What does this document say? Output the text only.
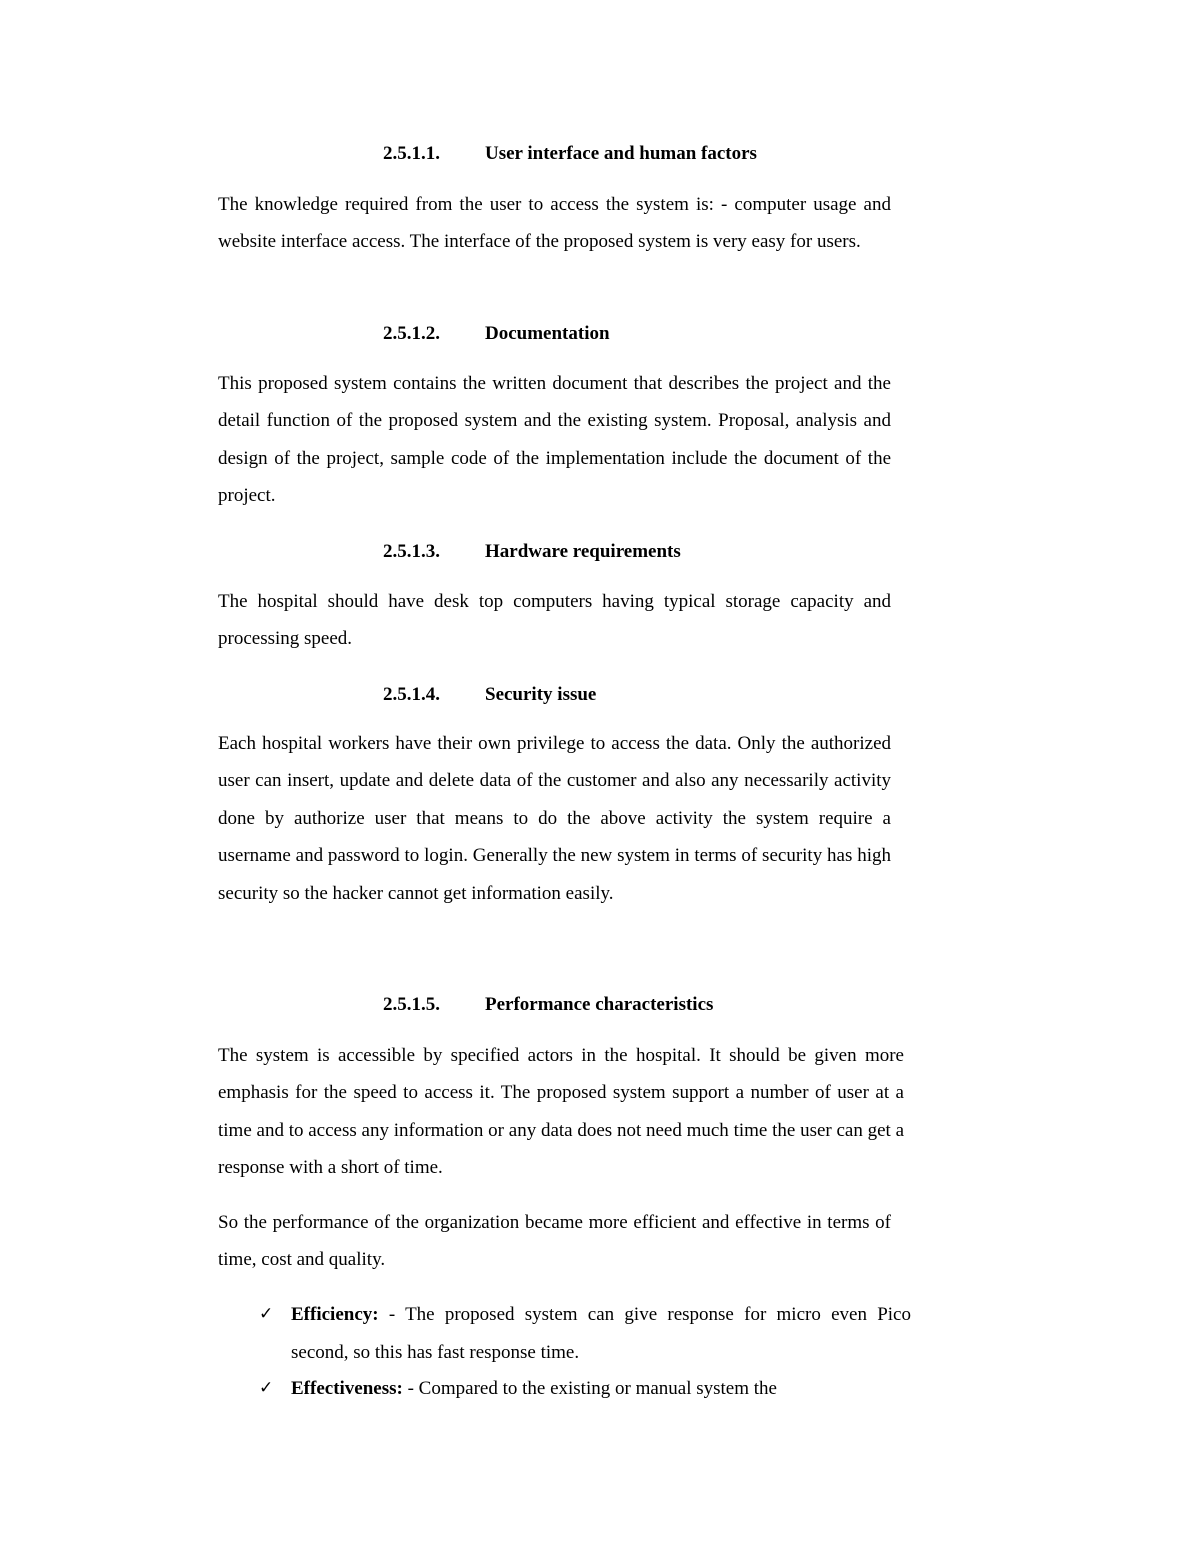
2.5.1.1. User interface and human factors

The knowledge required from the user to access the system is: - computer usage and website interface access. The interface of the proposed system is very easy for users.

2.5.1.2. Documentation

This proposed system contains the written document that describes the project and the detail function of the proposed system and the existing system. Proposal, analysis and design of the project, sample code of the implementation include the document of the project.

2.5.1.3. Hardware requirements

The hospital should have desk top computers having typical storage capacity and processing speed.

2.5.1.4. Security issue

Each hospital workers have their own privilege to access the data. Only the authorized user can insert, update and delete data of the customer and also any necessarily activity done by authorize user that means to do the above activity the system require a username and password to login. Generally the new system in terms of security has high security so the hacker cannot get information easily.

2.5.1.5. Performance characteristics

The system is accessible by specified actors in the hospital. It should be given more emphasis for the speed to access it. The proposed system support a number of user at a time and to access any information or any data does not need much time the user can get a response with a short of time.

So the performance of the organization became more efficient and effective in terms of time, cost and quality.

✓ Efficiency: - The proposed system can give response for micro even Pico second, so this has fast response time.

✓ Effectiveness: - Compared to the existing or manual system the
